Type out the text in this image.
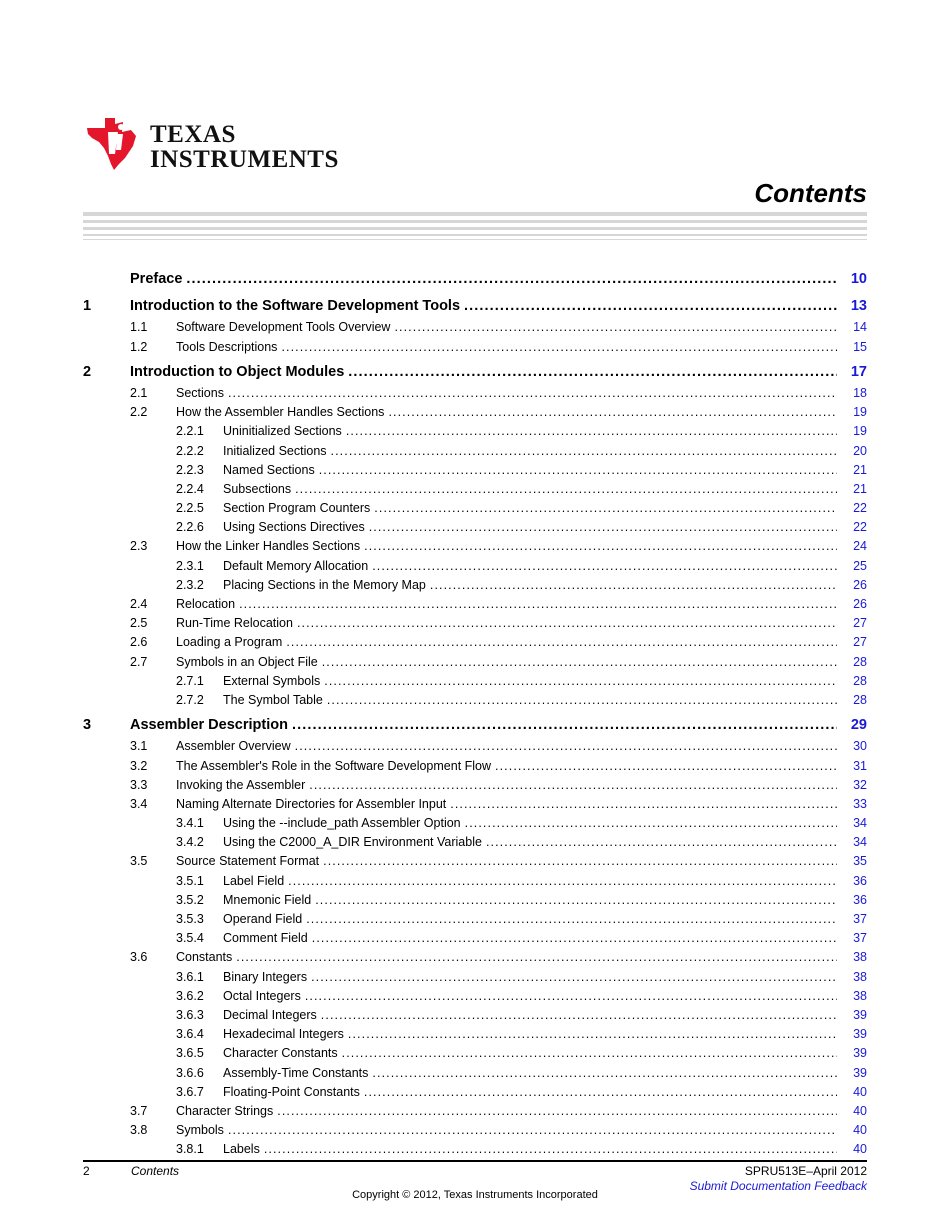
TEXAS
INSTRUMENTS
Contents
Preface .....	10
1	Introduction to the Software Development Tools .....	13
1.1	Software Development Tools Overview .....	14
1.2	Tools Descriptions .....	15
2	Introduction to Object Modules .....	17
2.1	Sections .....	18
2.2	How the Assembler Handles Sections .....	19
2.2.1	Uninitialized Sections .....	19
2.2.2	Initialized Sections .....	20
2.2.3	Named Sections .....	21
2.2.4	Subsections .....	21
2.2.5	Section Program Counters .....	22
2.2.6	Using Sections Directives .....	22
2.3	How the Linker Handles Sections .....	24
2.3.1	Default Memory Allocation .....	25
2.3.2	Placing Sections in the Memory Map .....	26
2.4	Relocation .....	26
2.5	Run-Time Relocation .....	27
2.6	Loading a Program .....	27
2.7	Symbols in an Object File .....	28
2.7.1	External Symbols .....	28
2.7.2	The Symbol Table .....	28
3	Assembler Description .....	29
3.1	Assembler Overview .....	30
3.2	The Assembler's Role in the Software Development Flow .....	31
3.3	Invoking the Assembler .....	32
3.4	Naming Alternate Directories for Assembler Input .....	33
3.4.1	Using the --include_path Assembler Option .....	34
3.4.2	Using the C2000_A_DIR Environment Variable .....	34
3.5	Source Statement Format .....	35
3.5.1	Label Field .....	36
3.5.2	Mnemonic Field .....	36
3.5.3	Operand Field .....	37
3.5.4	Comment Field .....	37
3.6	Constants .....	38
3.6.1	Binary Integers .....	38
3.6.2	Octal Integers .....	38
3.6.3	Decimal Integers .....	39
3.6.4	Hexadecimal Integers .....	39
3.6.5	Character Constants .....	39
3.6.6	Assembly-Time Constants .....	39
3.6.7	Floating-Point Constants .....	40
3.7	Character Strings .....	40
3.8	Symbols .....	40
3.8.1	Labels .....	40
2	Contents	SPRU513E–April 2012
Submit Documentation Feedback
Copyright © 2012, Texas Instruments Incorporated
